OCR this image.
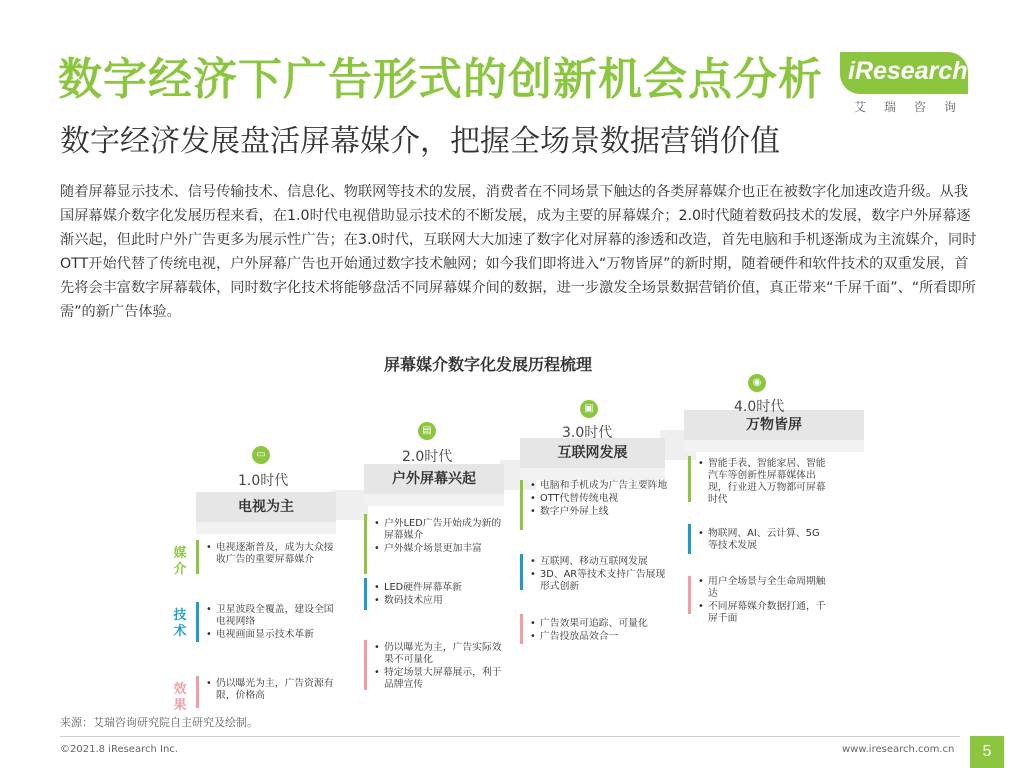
数字经济下广告形式的创新机会点分析
数字经济发展盘活屏幕媒介，把握全场景数据营销价值
iResearch
艾瑞咨询
随着屏幕显示技术、信号传输技术、信息化、物联网等技术的发展，消费者在不同场景下触达的各类屏幕媒介也正在被数字化加速改造升级。从我国屏幕媒介数字化发展历程来看，在1.0时代电视借助显示技术的不断发展，成为主要的屏幕媒介；2.0时代随着数码技术的发展，数字户外屏幕逐渐兴起，但此时户外广告更多为展示性广告；在3.0时代，互联网大大加速了数字化对屏幕的渗透和改造，首先电脑和手机逐渐成为主流媒介，同时OTT开始代替了传统电视，户外屏幕广告也开始通过数字技术触网；如今我们即将进入“万物皆屏”的新时期，随着硬件和软件技术的双重发展，首先将会丰富数字屏幕载体，同时数字化技术将能够盘活不同屏幕媒介间的数据，进一步激发全场景数据营销价值，真正带来“千屏千面”、“所看即所需”的新广告体验。
屏幕媒介数字化发展历程梳理
电视为主
户外屏幕兴起
互联网发展
万物皆屏
▭
1.0时代
▤
2.0时代
▣
3.0时代
◉
4.0时代
媒介
技术
效果
• 电视逐渐普及，成为大众接收广告的重要屏幕媒介
• 卫星波段全覆盖，建设全国电视网络
• 电视画面显示技术革新
• 仍以曝光为主，广告资源有限，价格高
• 户外LED广告开始成为新的屏幕媒介
• 户外媒介场景更加丰富
• LED硬件屏幕革新
• 数码技术应用
• 仍以曝光为主，广告实际效果不可量化
• 特定场景大屏幕展示，利于品牌宣传
• 电脑和手机成为广告主要阵地
• OTT代替传统电视
• 数字户外屏上线
• 互联网、移动互联网发展
• 3D、AR等技术支持广告展现形式创新
• 广告效果可追踪、可量化
• 广告投放品效合一
• 智能手表、智能家居、智能汽车等创新性屏幕媒体出现，行业进入万物都可屏幕时代
• 物联网、AI、云计算、5G等技术发展
• 用户全场景与全生命周期触达
• 不同屏幕媒介数据打通，千屏千面
来源：艾瑞咨询研究院自主研究及绘制。
©2021.8 iResearch Inc.	www.iresearch.com.cn	5
